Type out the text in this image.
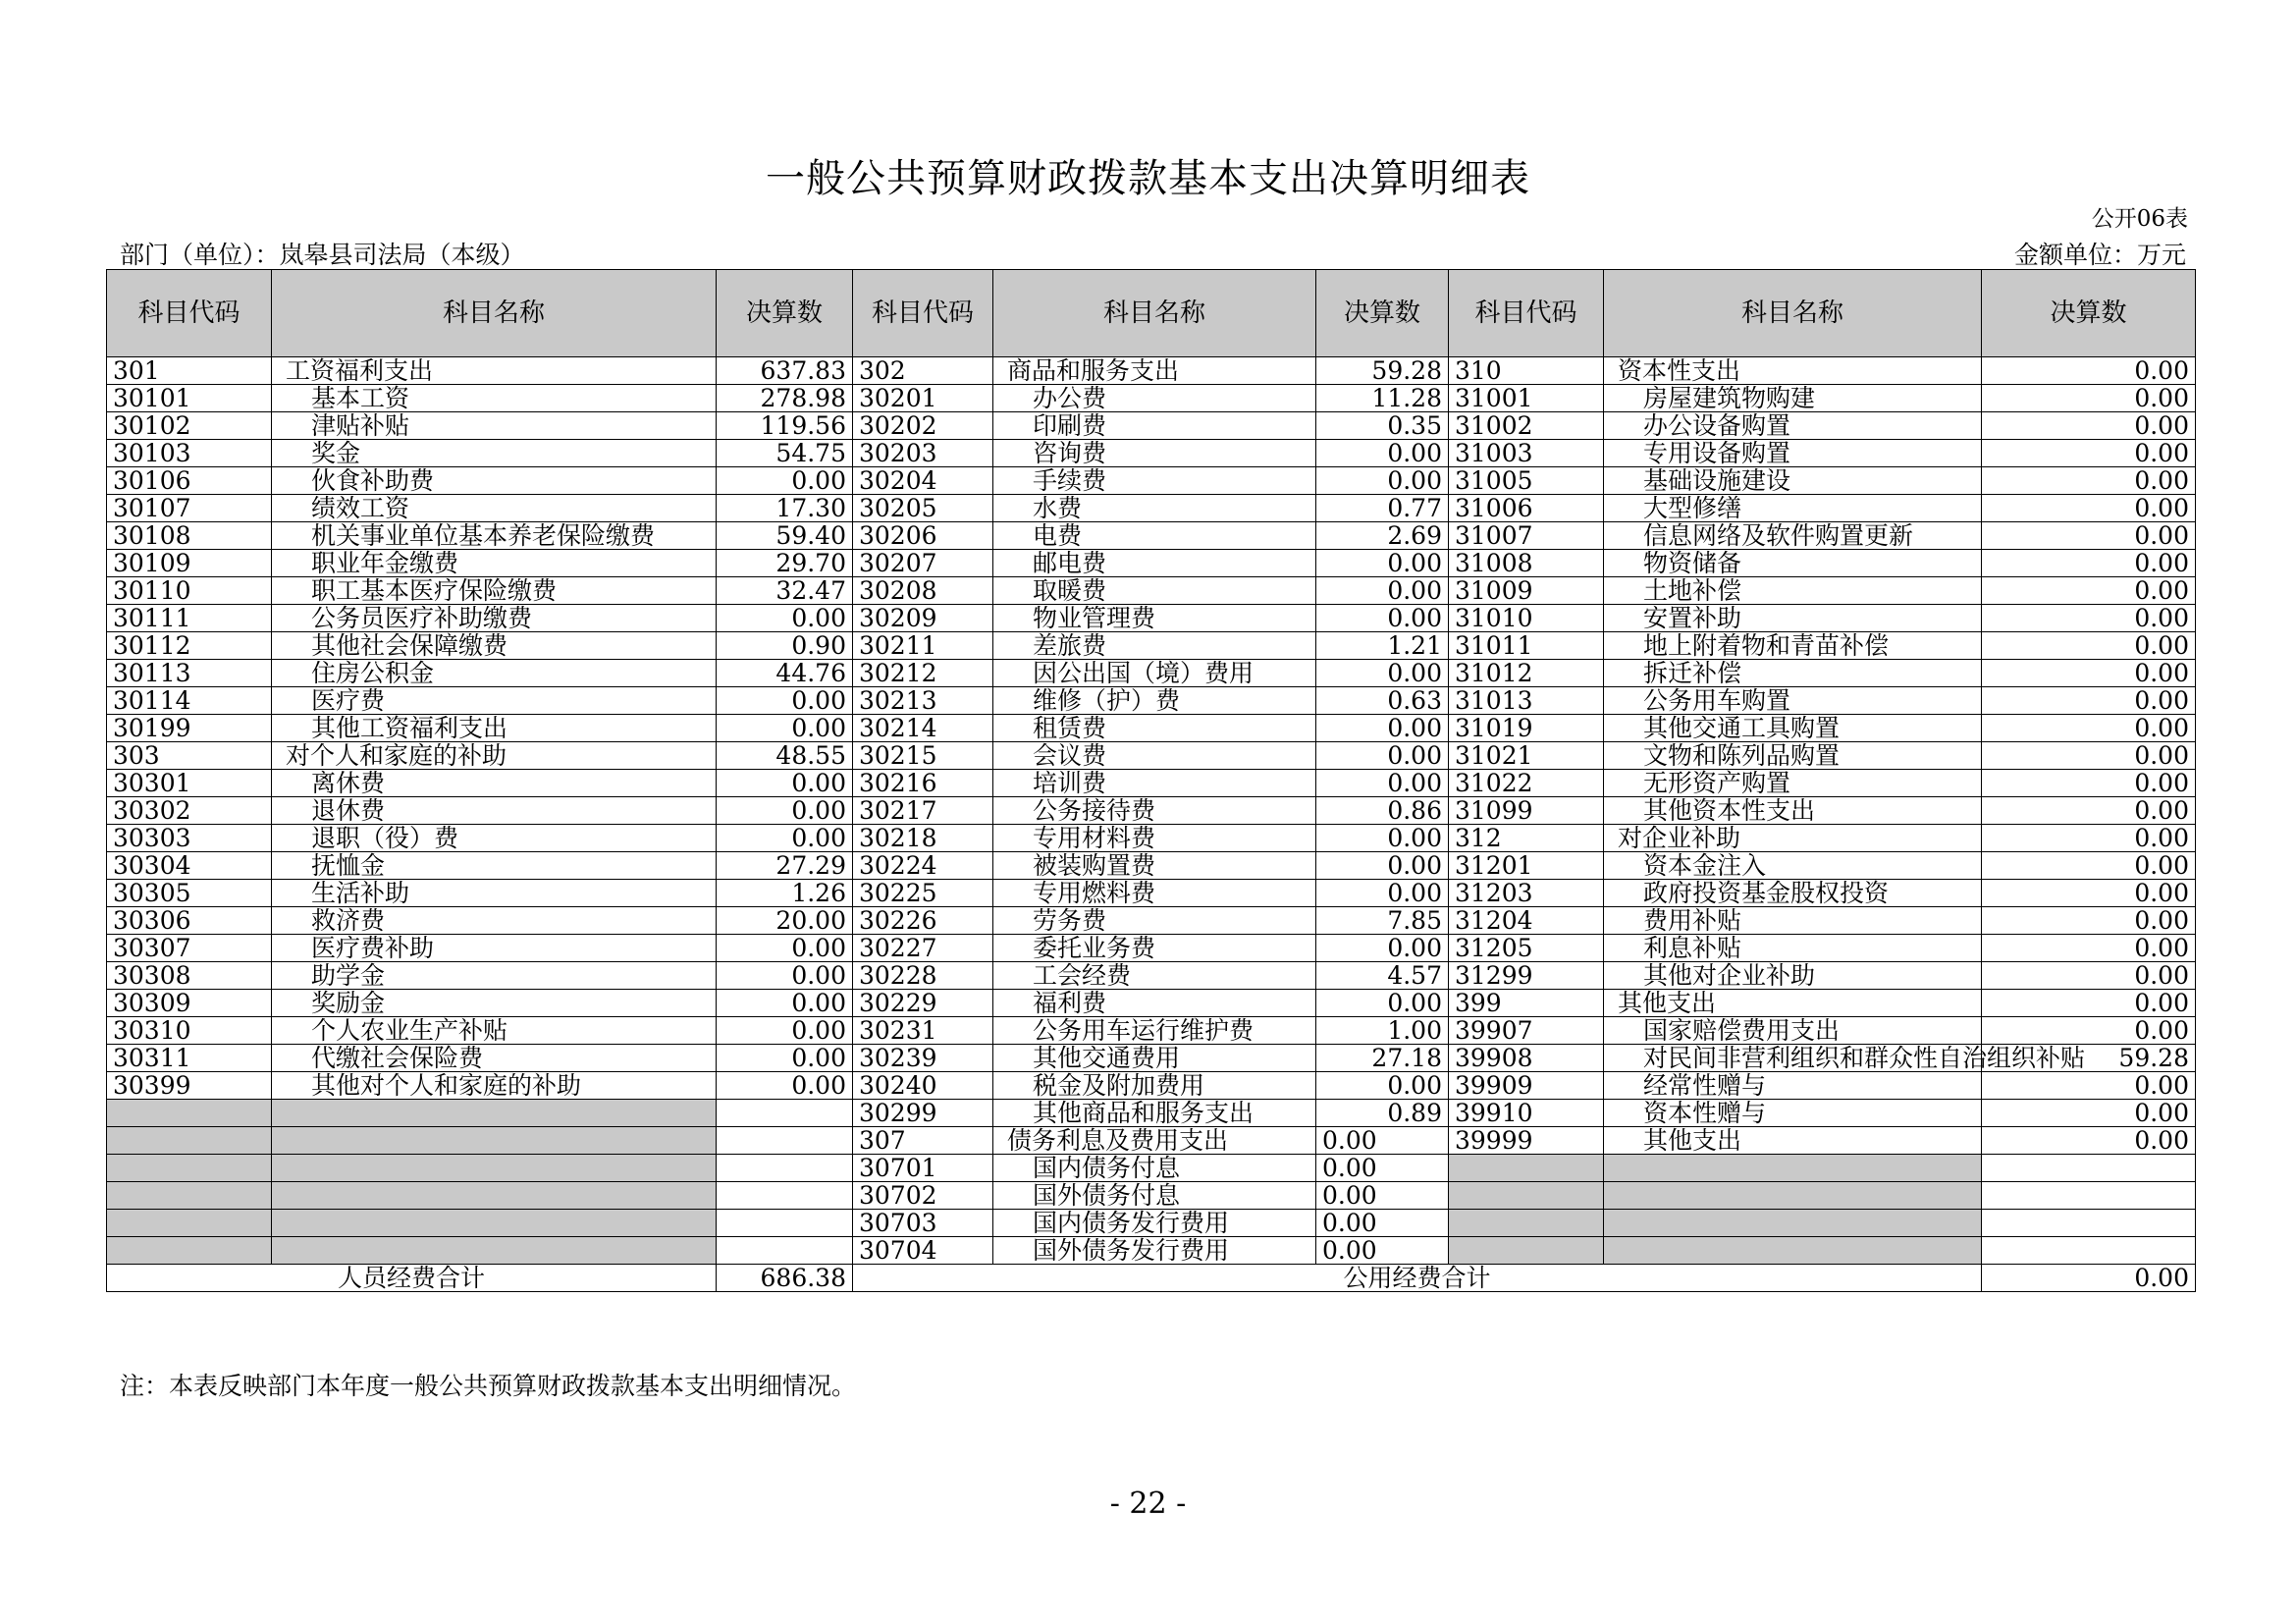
一般公共预算财政拨款基本支出决算明细表
公开06表
部门（单位）：岚皋县司法局（本级）	金额单位：万元
科目代码	科目名称	决算数	科目代码	科目名称	决算数	科目代码	科目名称	决算数
301	工资福利支出	637.83	302	商品和服务支出	59.28	310	资本性支出	0.00
30101	基本工资	278.98	30201	办公费	11.28	31001	房屋建筑物购建	0.00
30102	津贴补贴	119.56	30202	印刷费	0.35	31002	办公设备购置	0.00
30103	奖金	54.75	30203	咨询费	0.00	31003	专用设备购置	0.00
30106	伙食补助费	0.00	30204	手续费	0.00	31005	基础设施建设	0.00
30107	绩效工资	17.30	30205	水费	0.77	31006	大型修缮	0.00
30108	机关事业单位基本养老保险缴费	59.40	30206	电费	2.69	31007	信息网络及软件购置更新	0.00
30109	职业年金缴费	29.70	30207	邮电费	0.00	31008	物资储备	0.00
30110	职工基本医疗保险缴费	32.47	30208	取暖费	0.00	31009	土地补偿	0.00
30111	公务员医疗补助缴费	0.00	30209	物业管理费	0.00	31010	安置补助	0.00
30112	其他社会保障缴费	0.90	30211	差旅费	1.21	31011	地上附着物和青苗补偿	0.00
30113	住房公积金	44.76	30212	因公出国（境）费用	0.00	31012	拆迁补偿	0.00
30114	医疗费	0.00	30213	维修（护）费	0.63	31013	公务用车购置	0.00
30199	其他工资福利支出	0.00	30214	租赁费	0.00	31019	其他交通工具购置	0.00
303	对个人和家庭的补助	48.55	30215	会议费	0.00	31021	文物和陈列品购置	0.00
30301	离休费	0.00	30216	培训费	0.00	31022	无形资产购置	0.00
30302	退休费	0.00	30217	公务接待费	0.86	31099	其他资本性支出	0.00
30303	退职（役）费	0.00	30218	专用材料费	0.00	312	对企业补助	0.00
30304	抚恤金	27.29	30224	被装购置费	0.00	31201	资本金注入	0.00
30305	生活补助	1.26	30225	专用燃料费	0.00	31203	政府投资基金股权投资	0.00
30306	救济费	20.00	30226	劳务费	7.85	31204	费用补贴	0.00
30307	医疗费补助	0.00	30227	委托业务费	0.00	31205	利息补贴	0.00
30308	助学金	0.00	30228	工会经费	4.57	31299	其他对企业补助	0.00
30309	奖励金	0.00	30229	福利费	0.00	399	其他支出	0.00
30310	个人农业生产补贴	0.00	30231	公务用车运行维护费	1.00	39907	国家赔偿费用支出	0.00
30311	代缴社会保险费	0.00	30239	其他交通费用	27.18	39908	对民间非营利组织和群众性自治组织补贴	59.28
30399	其他对个人和家庭的补助	0.00	30240	税金及附加费用	0.00	39909	经常性赠与	0.00
			30299	其他商品和服务支出	0.89	39910	资本性赠与	0.00
			307	债务利息及费用支出	0.00	39999	其他支出	0.00
			30701	国内债务付息	0.00			
			30702	国外债务付息	0.00			
			30703	国内债务发行费用	0.00			
			30704	国外债务发行费用	0.00			
人员经费合计		686.38	公用经费合计					0.00
注：本表反映部门本年度一般公共预算财政拨款基本支出明细情况。
- 22 -
